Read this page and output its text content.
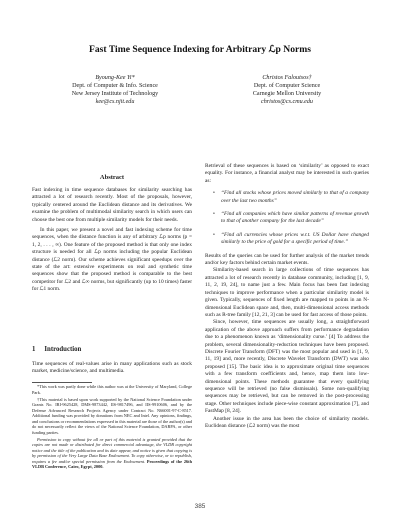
Fast Time Sequence Indexing for Arbitrary ℒp Norms
Byoung-Kee Yi*
Dept. of Computer & Info. Science
New Jersey Institute of Technology
kee@cs.njit.edu
Christos Faloutsos†
Dept. of Computer Science
Carnegie Mellon University
christos@cs.cmu.edu
Abstract

Fast indexing in time sequence databases for similarity searching has attracted a lot of research recently. Most of the proposals, however, typically centered around the Euclidean distance and its derivatives. We examine the problem of multimodal similarity search in which users can choose the best one from multiple similarity models for their needs.

In this paper, we present a novel and fast indexing scheme for time sequences, when the distance function is any of arbitrary ℒp norms (p = 1, 2, . . . , ∞). One feature of the proposed method is that only one index structure is needed for all ℒp norms including the popular Euclidean distance (ℒ2 norm). Our scheme achieves significant speedups over the state of the art: extensive experiments on real and synthetic time sequences show that the proposed method is comparable to the best competitor for ℒ2 and ℒ∞ norms, but significantly (up to 10 times) faster for ℒ1 norm.

1 Introduction

Time sequences of real-values arise in many applications such as stock market, medicine/science, and multimedia.

*This work was partly done while this author was at the University of Maryland, College Park.

†This material is based upon work supported by the National Science Foundation under Grants No. IRI-9625428, DMS-9873442, IIS-9817496, and IIS-9910606, and by the Defense Advanced Research Projects Agency under Contract No. N66001-97-C-8517. Additional funding was provided by donations from NEC and Intel. Any opinions, findings, and conclusions or recommendations expressed in this material are those of the author(s) and do not necessarily reflect the views of the National Science Foundation, DARPA, or other funding parties.

Permission to copy without fee all or part of this material is granted provided that the copies are not made or distributed for direct commercial advantage, the VLDB copyright notice and the title of the publication and its date appear, and notice is given that copying is by permission of the Very Large Data Base Endowment. To copy otherwise, or to republish, requires a fee and/or special permission from the Endowment. Proceedings of the 26th VLDB Conference, Cairo, Egypt, 2000.

Retrieval of these sequences is based on ‘similarity’ as opposed to exact equality. For instance, a financial analyst may be interested in such queries as:

• “Find all stocks whose prices moved similarly to that of a company over the last two months”
• “Find all companies which have similar patterns of revenue growth to that of another company for the last decade”
• “Find all currencies whose prices w.r.t. US Dollar have changed similarly to the price of gold for a specific period of time.”

Results of the queries can be used for further analysis of the market trends and/or key factors behind certain market events.

Similarity-based search in large collections of time sequences has attracted a lot of research recently in database community, including [1, 9, 11, 2, 19, 24], to name just a few. Main focus has been fast indexing techniques to improve performance when a particular similarity model is given. Typically, sequences of fixed length are mapped to points in an N-dimensional Euclidean space and, then, multi-dimensional access methods such as R-tree family [12, 21, 3] can be used for fast access of those points.

Since, however, time sequences are usually long, a straightforward application of the above approach suffers from performance degradation due to a phenomenon known as ‘dimensionality curse.’ [4] To address the problem, several dimensionality-reduction techniques have been proposed. Discrete Fourier Transform (DFT) was the most popular and used in [1, 9, 11, 19] and, more recently, Discrete Wavelet Transform (DWT) was also proposed [15]. The basic idea is to approximate original time sequences with a few transform coefficients and, hence, map them into low-dimensional points. These methods guarantee that every qualifying sequence will be retrieved (no false dismissals). Some non-qualifying sequences may be retrieved, but can be removed in the post-processing stage. Other techniques include piece-wise constant approximation [7], and FastMap [8, 24].

Another issue in the area has been the choice of similarity models. Euclidean distance (ℒ2 norm) was the most

385
